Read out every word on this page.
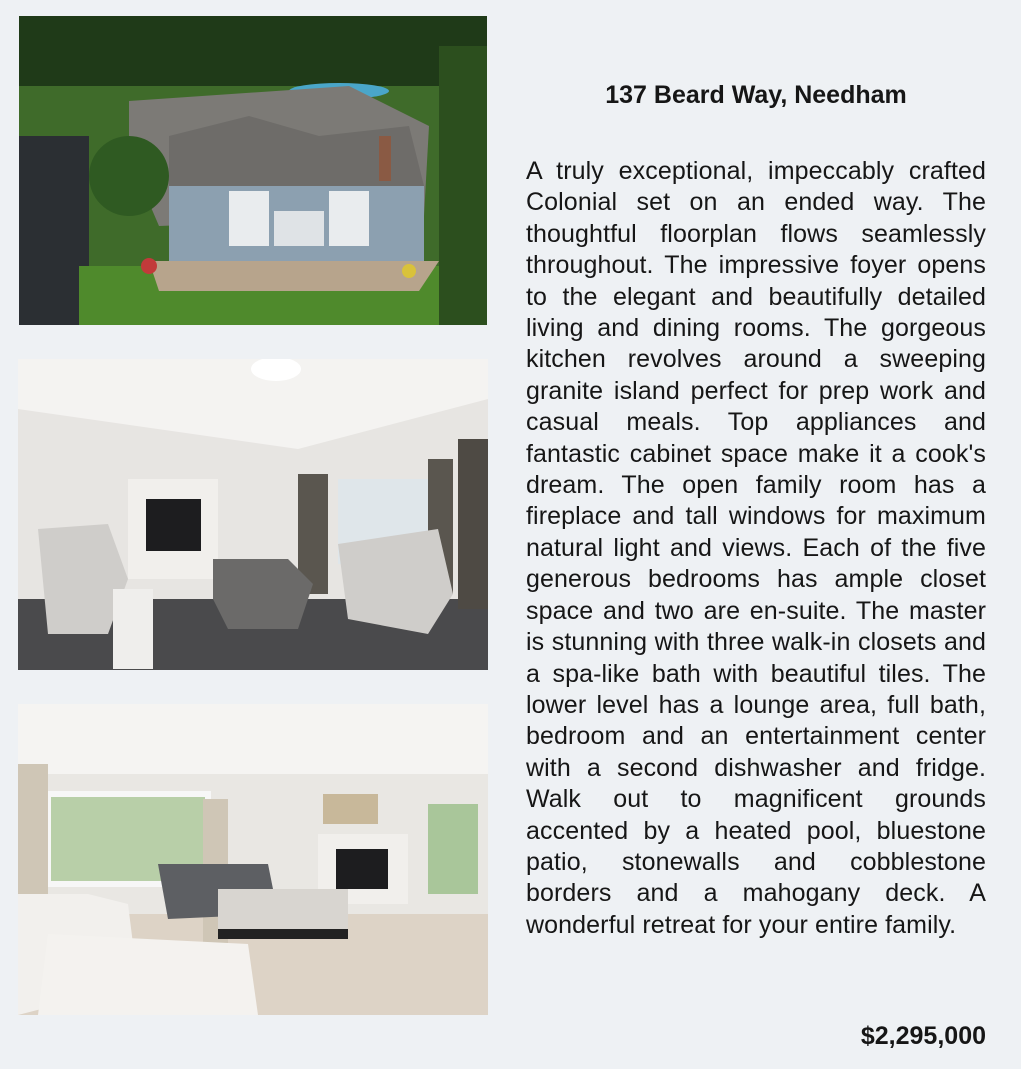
137 Beard Way, Needham

A truly exceptional, impeccably crafted Colonial set on an ended way. The thoughtful floorplan flows seamlessly throughout. The impressive foyer opens to the elegant and beautifully detailed living and dining rooms. The gorgeous kitchen revolves around a sweeping granite island perfect for prep work and casual meals. Top appliances and fantastic cabinet space make it a cook's dream. The open family room has a fireplace and tall windows for maximum natural light and views. Each of the five generous bedrooms has ample closet space and two are en-suite. The master is stunning with three walk-in closets and a spa-like bath with beautiful tiles. The lower level has a lounge area, full bath, bedroom and an entertainment center with a second dishwasher and fridge. Walk out to magnificent grounds accented by a heated pool, bluestone patio, stonewalls and cobblestone borders and a mahogany deck. A wonderful retreat for your entire family.

$2,295,000
